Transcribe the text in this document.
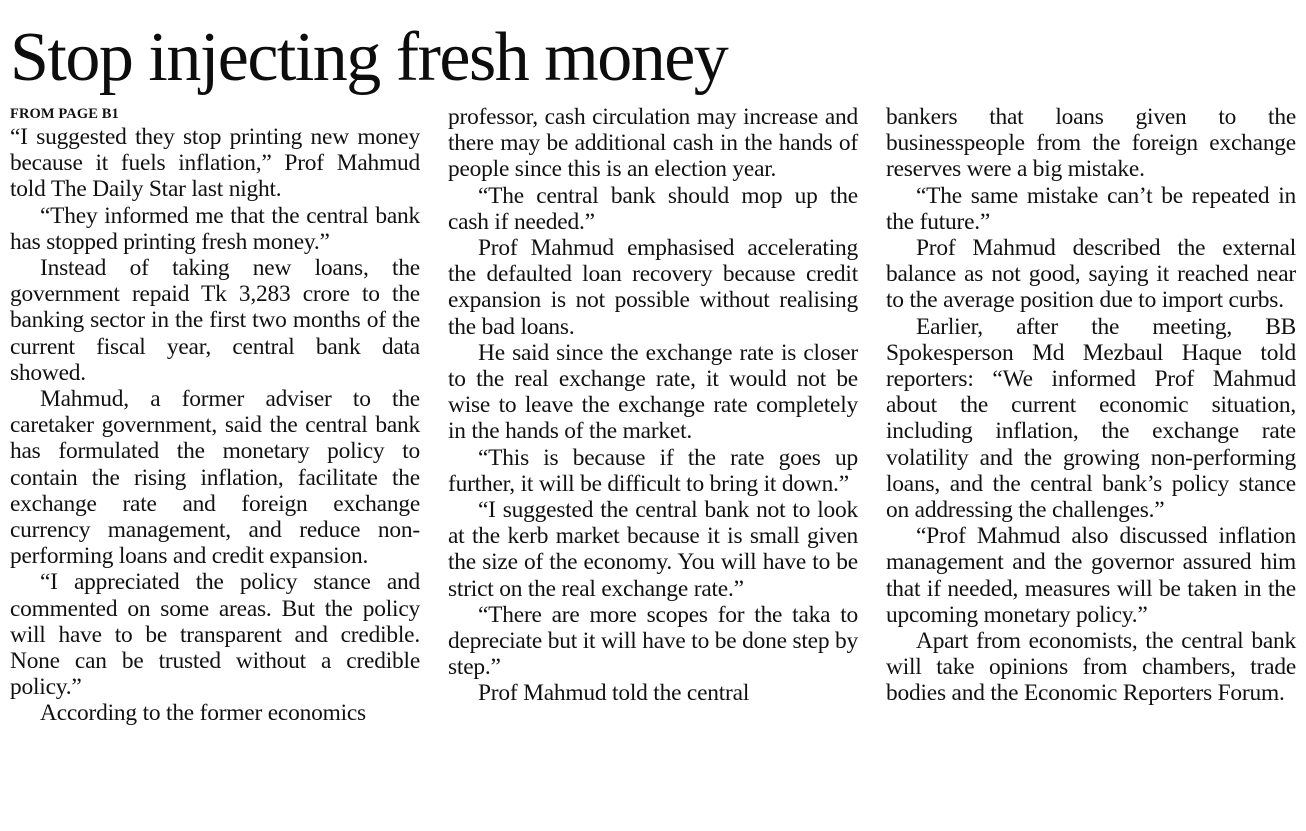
Stop injecting fresh money
FROM PAGE B1

“I suggested they stop printing new money because it fuels inflation,” Prof Mahmud told The Daily Star last night.

“They informed me that the central bank has stopped printing fresh money.”

Instead of taking new loans, the government repaid Tk 3,283 crore to the banking sector in the first two months of the current fiscal year, central bank data showed.

Mahmud, a former adviser to the caretaker government, said the central bank has formulated the monetary policy to contain the rising inflation, facilitate the exchange rate and foreign exchange currency management, and reduce non-performing loans and credit expansion.

“I appreciated the policy stance and commented on some areas. But the policy will have to be transparent and credible. None can be trusted without a credible policy.”

According to the former economics

professor, cash circulation may increase and there may be additional cash in the hands of people since this is an election year.

“The central bank should mop up the cash if needed.”

Prof Mahmud emphasised accelerating the defaulted loan recovery because credit expansion is not possible without realising the bad loans.

He said since the exchange rate is closer to the real exchange rate, it would not be wise to leave the exchange rate completely in the hands of the market.

“This is because if the rate goes up further, it will be difficult to bring it down.”

“I suggested the central bank not to look at the kerb market because it is small given the size of the economy. You will have to be strict on the real exchange rate.”

“There are more scopes for the taka to depreciate but it will have to be done step by step.”

Prof Mahmud told the central

bankers that loans given to the businesspeople from the foreign exchange reserves were a big mistake.

“The same mistake can’t be repeated in the future.”

Prof Mahmud described the external balance as not good, saying it reached near to the average position due to import curbs.

Earlier, after the meeting, BB Spokesperson Md Mezbaul Haque told reporters: “We informed Prof Mahmud about the current economic situation, including inflation, the exchange rate volatility and the growing non-performing loans, and the central bank’s policy stance on addressing the challenges.”

“Prof Mahmud also discussed inflation management and the governor assured him that if needed, measures will be taken in the upcoming monetary policy.”

Apart from economists, the central bank will take opinions from chambers, trade bodies and the Economic Reporters Forum.
